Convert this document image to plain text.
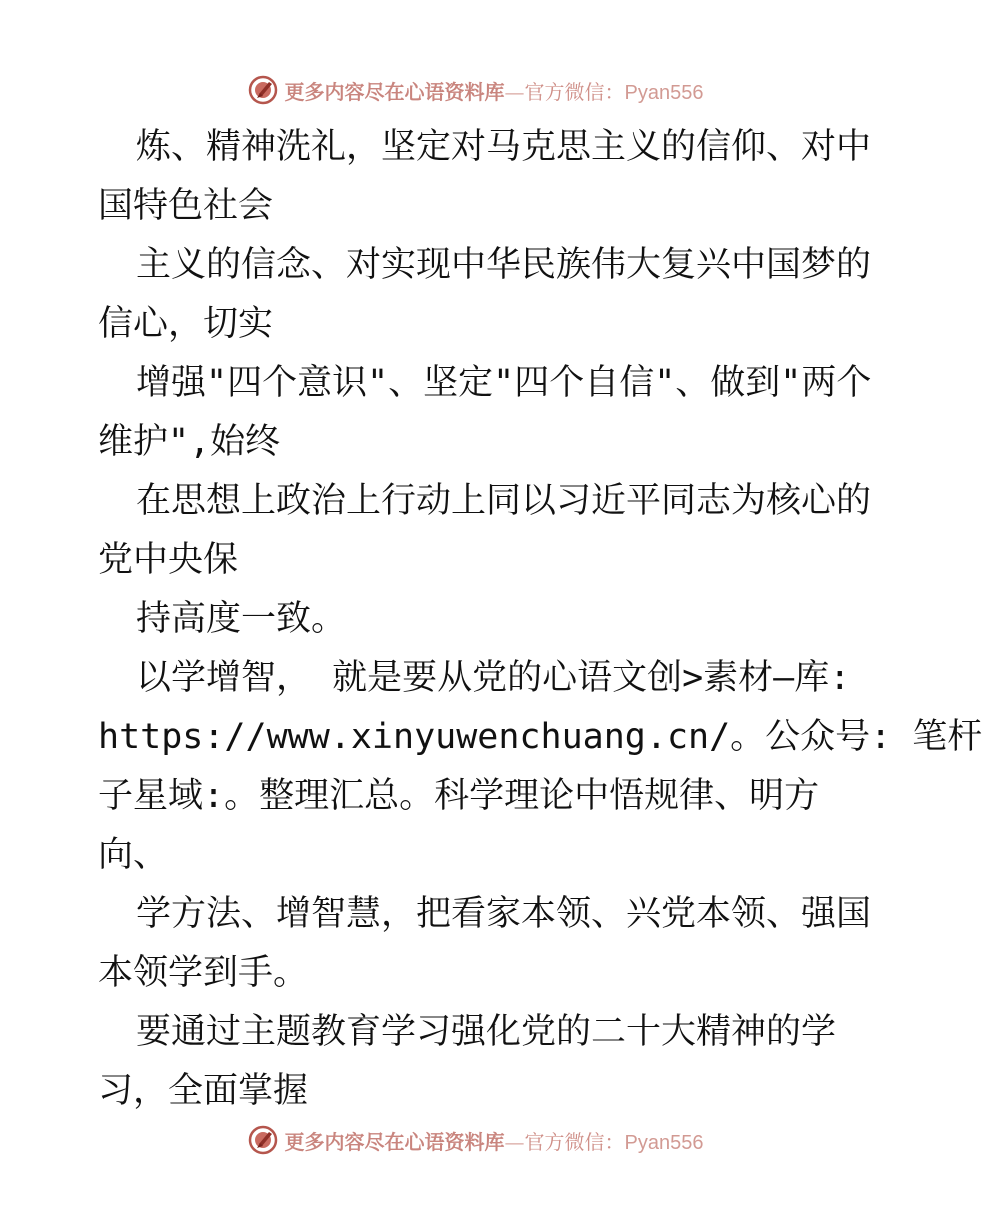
更多内容尽在心语资料库—官方微信：Pyan556
炼、精神洗礼，坚定对马克思主义的信仰、对中
国特色社会
主义的信念、对实现中华民族伟大复兴中国梦的
信心，切实
增强"四个意识"、坚定"四个自信"、做到"两个
维护",始终
在思想上政治上行动上同以习近平同志为核心的
党中央保
持高度一致。
以学增智， 就是要从党的心语文创>素材—库:
https://www.xinyuwenchuang.cn/。公众号: 笔杆
子星域:。整理汇总。科学理论中悟规律、明方
向、
学方法、增智慧，把看家本领、兴党本领、强国
本领学到手。
要通过主题教育学习强化党的二十大精神的学
习，全面掌握
更多内容尽在心语资料库—官方微信：Pyan556
